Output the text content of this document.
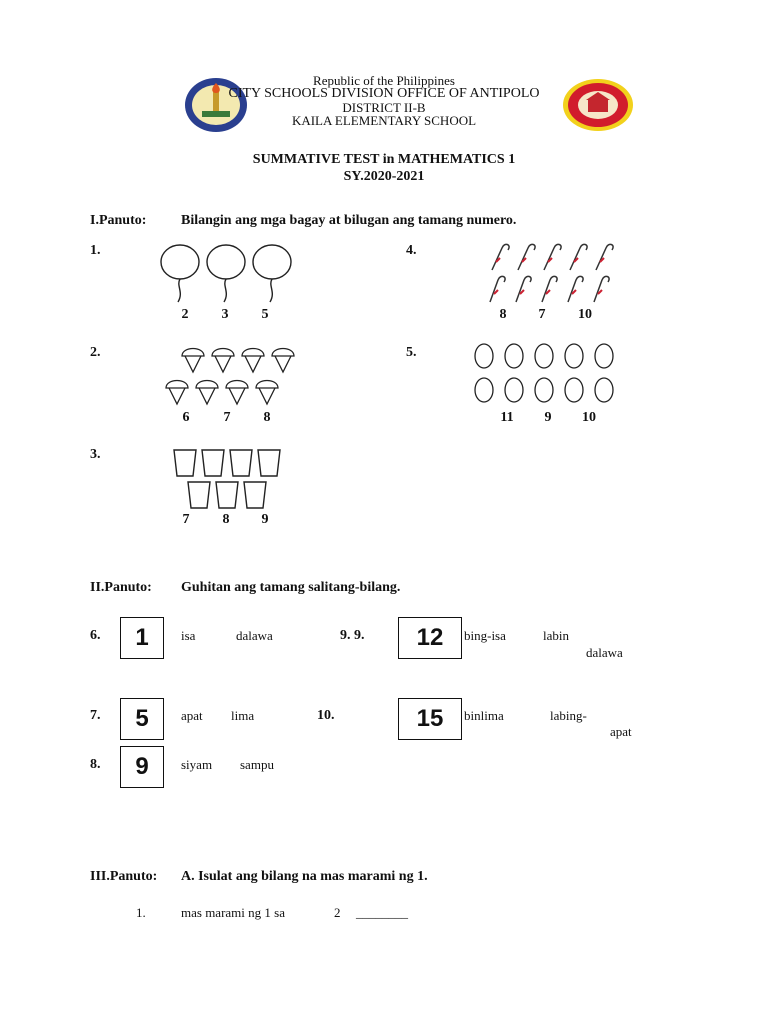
Republic of the Philippines
CITY SCHOOLS DIVISION OFFICE OF ANTIPOLO
DISTRICT II-B
KAILA ELEMENTARY SCHOOL
SUMMATIVE TEST in MATHEMATICS 1
SY.2020-2021
I.Panuto: Bilangin ang mga bagay at bilugan ang tamang numero.
1.
2 3 5
4.
8 7 10
2.
6 7 8
5.
11 9 10
3.
7 8 9
II.Panuto: Guhitan ang tamang salitang-bilang.
6.	1	isa	dalawa	9. 9.	12	bing-isa	labin
dalawa
7.	5	apat lima	10.	15	binlima	labing-
apat
8.	9	siyam sampu
III.Panuto: A. Isulat ang bilang na mas marami ng 1.
1.	mas marami ng 1 sa	2 ________
